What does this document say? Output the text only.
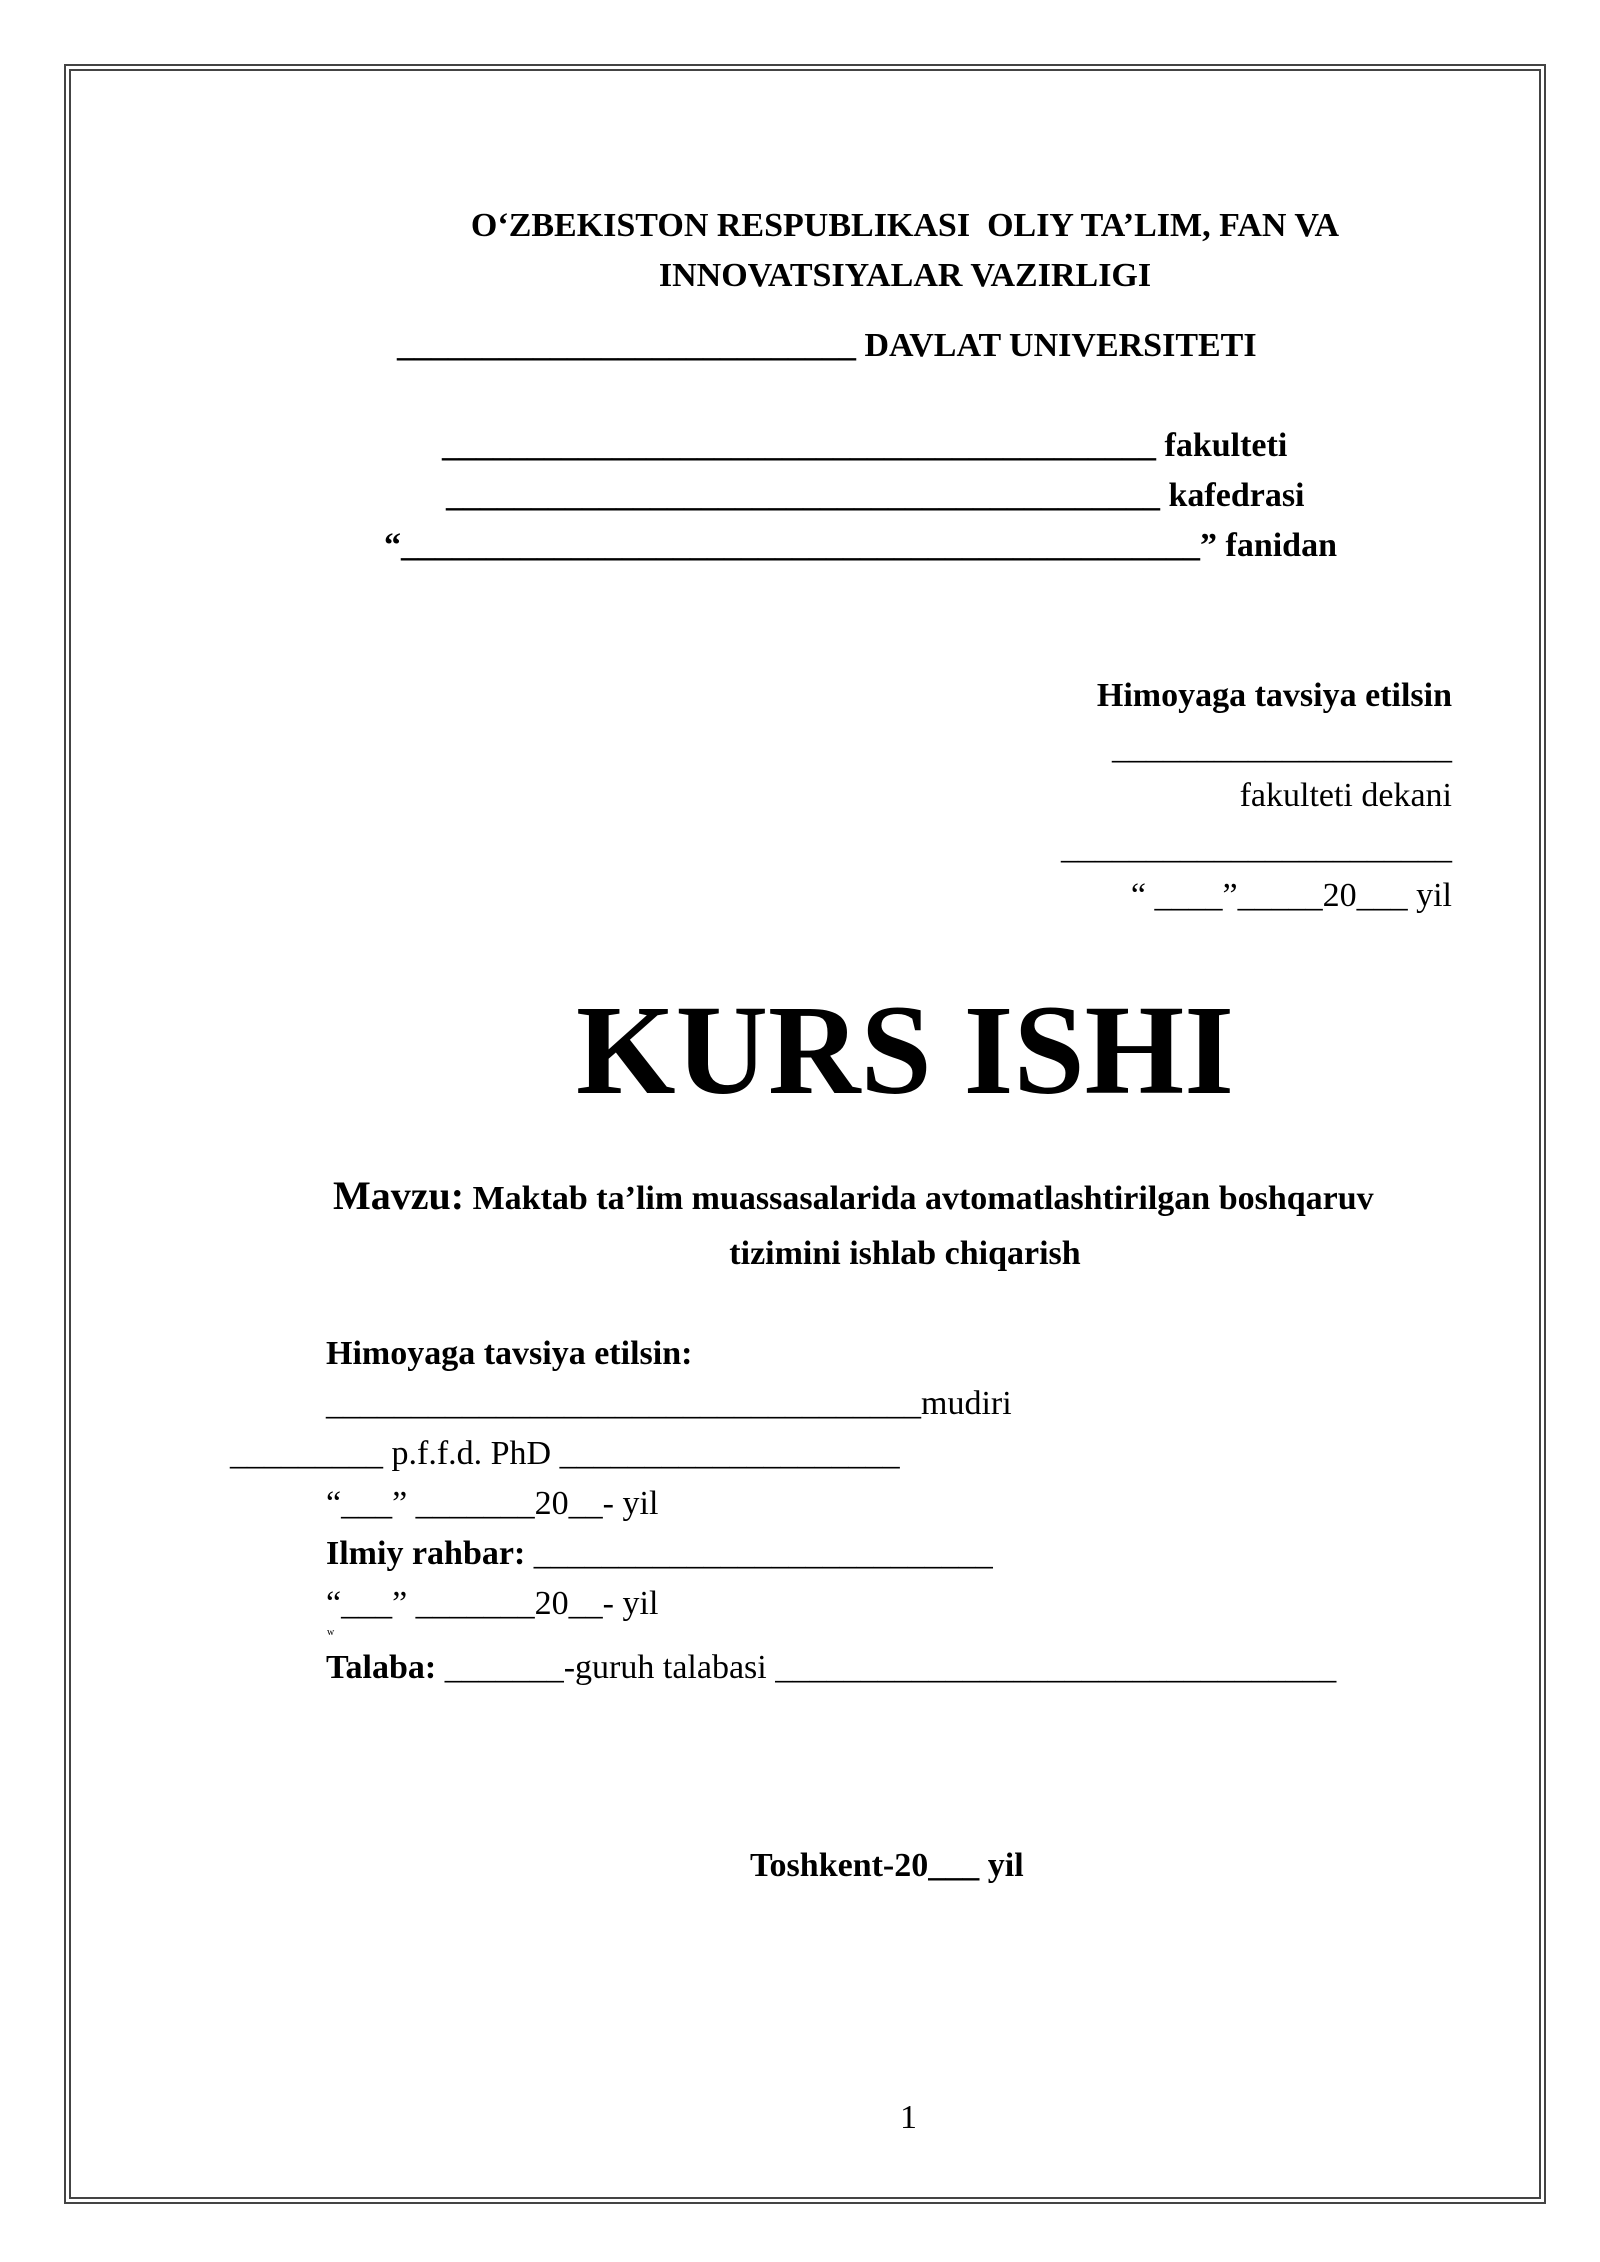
O‘ZBEKISTON RESPUBLIKASI  OLIY TA’LIM, FAN VA
INNOVATSIYALAR VAZIRLIGI
___________________________ DAVLAT UNIVERSITETI
__________________________________________ fakulteti
__________________________________________ kafedrasi
“_______________________________________________” fanidan
Himoyaga tavsiya etilsin
____________________
fakulteti dekani
_______________________
“ ____”_____20___ yil
KURS ISHI
Mavzu: Maktab ta’lim muassasalarida avtomatlashtirilgan boshqaruv
tizimini ishlab chiqarish
Himoyaga tavsiya etilsin:
___________________________________mudiri
_________ p.f.f.d. PhD ____________________
“___” _______20__- yil
Ilmiy rahbar: ___________________________
“___” _______20__- yil
w
Talaba: _______-guruh talabasi _________________________________
Toshkent-20___ yil
1
